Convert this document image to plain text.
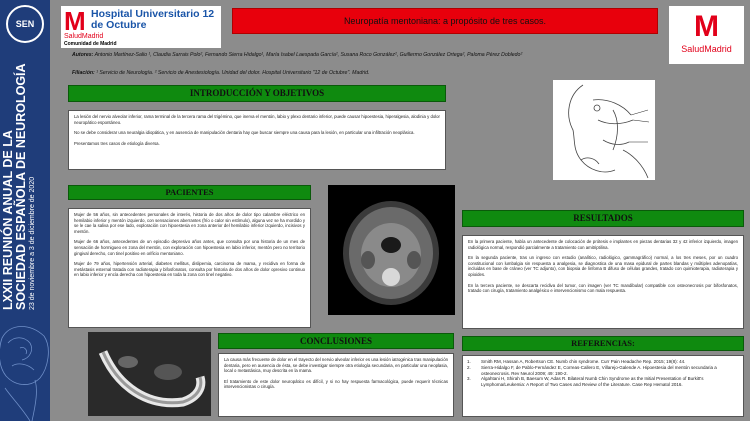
SEN
LXXII REUNIÓN ANUAL DE LA SOCIEDAD ESPAÑOLA DE NEUROLOGÍA 23 de noviembre a 3 de diciembre de 2020
M Hospital Universitario 12 de Octubre
SaludMadrid
Comunidad de Madrid
M
SaludMadrid
Neuropatía mentoniana: a propósito de tres casos.
Autores: Antonio Martínez-Salio ¹, Claudia Sarrais Polo², Fernando Sierra Hidalgo¹, María Isabel Laespada García², Susana Roco González², Guillermo González Ortega², Paloma Pérez Dobledo²
Filiación: ¹ Servicio de Neurología. ² Servicio de Anestesiología. Unidad del dolor. Hospital Universitario "12 de Octubre". Madrid.
INTRODUCCIÓN Y OBJETIVOS

La lesión del nervio alveolar inferior, rama terminal de la tercera rama del trigémino, que inerva el mentón, labio y plexo dentario inferior, puede causar hipoestesia, hiperalgesia, alodinia y dolor neuropático espontáneo.

No se debe considerar una neuralgia idiopática, y en ausencia de manipulación dentaria hay que buscar siempre una causa para la lesión, en particular una infiltración neoplásica.

Presentamos tres casos de etiología diversa.

PACIENTES

Mujer de 56 años, sin antecedentes personales de interés, historia de dos años de dolor tipo calambre eléctrico en hemilabio inferior y mentón izquierdo, con sensaciones aberrantes (frío o calor sin estímulo), alguna vez se ha mordido y se le cae la saliva por ese lado, exploración con hipoestesia en zona anterior del hemilabio inferior izquierdo, incisivos y mentón.

Mujer de 66 años, antecedentes de un episodio depresivo años antes, que consulta por una historia de un mes de sensación de hormigueo en zona del mentón, con exploración con hipoestesia en labio inferior, mentón pero no territorio gingival derecho, con tinel positivo en orificio mentoniano.

Mujer de 79 años, hipertensión arterial, diabetes mellitus, dislipemia, carcinoma de mama, y recidiva en forma de metástasis esternal tratada con radioterapia y bifosfonatos, consulta por historia de dos años de dolor opresivo continuo en labio inferior y encía derecha con hipoestesia en toda la zona con tinel negativo.

CONCLUSIONES

La causa más frecuente de dolor en el trayecto del nervio alveolar inferior es una lesión iatrogénica tras manipulación dentaria, pero en ausencia de ésta, se debe investigar siempre otra etiología secundaria, en particular una neoplasia, local o metastásica, muy descrita en la mama.

El tratamiento de este dolor neuropático es difícil, y si no hay respuesta farmacológica, puede requerir técnicas intervencionistas o cirugía.

RESULTADOS

En la primera paciente, había un antecedente de colocación de prótesis e implantes en piezas dentarias 32 y 42 inferior izquierdo, imagen radiológica normal, respondió parcialmente a tratamiento con amitriptilina.

En la segunda paciente, tras un ingreso con estudio (analítico, radiológico, gammagráfico) normal, a los tres meses, por un cuadro constitucional con lumbalgia sin respuesta a analgesia, se diagnostica de una masa epidural de partes blandas y múltiples adenopatías, incluidas en base de cráneo (ver TC adjunto), con biopsia de linfoma B difuso de células grandes, tratado con quimioterapia, radioterapia y opioides.

En la tercera paciente, se descarta recidiva del tumor, con imagen (ver TC mandibular) compatible con osteonecrosis por bifosfonatos, tratado con cirugía, tratamiento analgésico e intervencionismo con mala respuesta.

REFERENCIAS:
1.	Smith RM, Hassan A, Robertson CE. Numb chin syndrome. Curr Pain Headache Rep. 2015; 19(8): 44.
2.	Sierra-Hidalgo F, de Pablo-Fernández E, Correas-Callero E, Villarejo-Galende A. Hipoestesia del mentón secundaria a osteonecrosis. Rev Neurol 2009; 49: 190-2.
3.	Algahtani H, Shirah B, Baesum W, Adas R. Bilateral Numb Chin Syndrome as the Initial Presentation of Burkitt's Lymphoma/Leukemia: A Report of Two Cases and Review of the Literature. Case Rep Hematol 2016.
